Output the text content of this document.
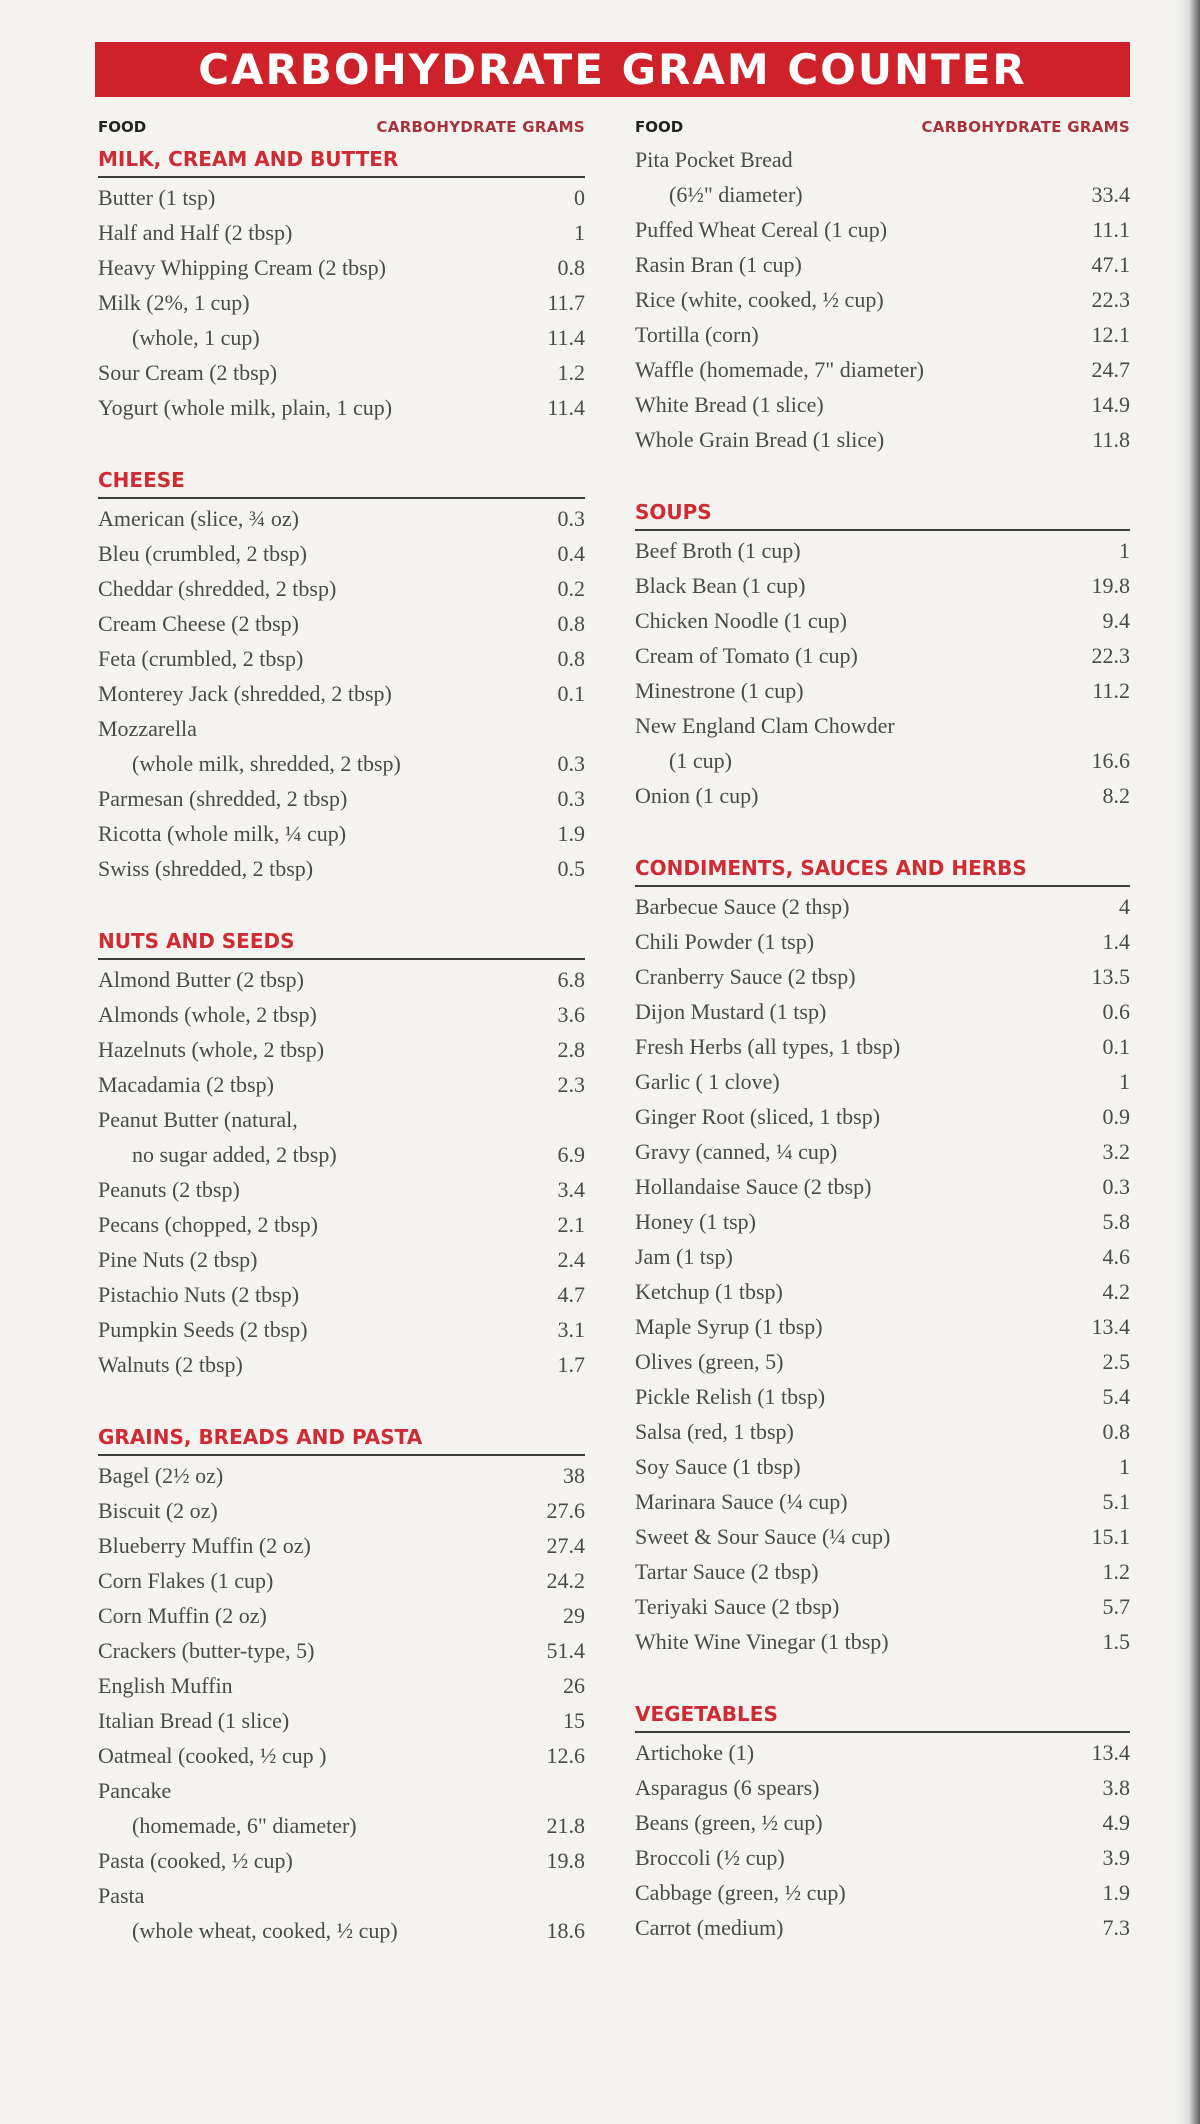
CARBOHYDRATE GRAM COUNTER
FOOD	CARBOHYDRATE GRAMS
MILK, CREAM AND BUTTER
Butter (1 tsp)	0
Half and Half (2 tbsp)	1
Heavy Whipping Cream (2 tbsp)	0.8
Milk (2%, 1 cup)	11.7
(whole, 1 cup)	11.4
Sour Cream (2 tbsp)	1.2
Yogurt (whole milk, plain, 1 cup)	11.4
CHEESE
American (slice, ¾ oz)	0.3
Bleu (crumbled, 2 tbsp)	0.4
Cheddar (shredded, 2 tbsp)	0.2
Cream Cheese (2 tbsp)	0.8
Feta (crumbled, 2 tbsp)	0.8
Monterey Jack (shredded, 2 tbsp)	0.1
Mozzarella
(whole milk, shredded, 2 tbsp)	0.3
Parmesan (shredded, 2 tbsp)	0.3
Ricotta (whole milk, ¼ cup)	1.9
Swiss (shredded, 2 tbsp)	0.5
NUTS AND SEEDS
Almond Butter (2 tbsp)	6.8
Almonds (whole, 2 tbsp)	3.6
Hazelnuts (whole, 2 tbsp)	2.8
Macadamia (2 tbsp)	2.3
Peanut Butter (natural,
no sugar added, 2 tbsp)	6.9
Peanuts (2 tbsp)	3.4
Pecans (chopped, 2 tbsp)	2.1
Pine Nuts (2 tbsp)	2.4
Pistachio Nuts (2 tbsp)	4.7
Pumpkin Seeds (2 tbsp)	3.1
Walnuts (2 tbsp)	1.7
GRAINS, BREADS AND PASTA
Bagel (2½ oz)	38
Biscuit (2 oz)	27.6
Blueberry Muffin (2 oz)	27.4
Corn Flakes (1 cup)	24.2
Corn Muffin (2 oz)	29
Crackers (butter-type, 5)	51.4
English Muffin	26
Italian Bread (1 slice)	15
Oatmeal (cooked, ½ cup )	12.6
Pancake
(homemade, 6" diameter)	21.8
Pasta (cooked, ½ cup)	19.8
Pasta
(whole wheat, cooked, ½ cup)	18.6
FOOD	CARBOHYDRATE GRAMS
Pita Pocket Bread
(6½" diameter)	33.4
Puffed Wheat Cereal (1 cup)	11.1
Rasin Bran (1 cup)	47.1
Rice (white, cooked, ½ cup)	22.3
Tortilla (corn)	12.1
Waffle (homemade, 7" diameter)	24.7
White Bread (1 slice)	14.9
Whole Grain Bread (1 slice)	11.8
SOUPS
Beef Broth (1 cup)	1
Black Bean (1 cup)	19.8
Chicken Noodle (1 cup)	9.4
Cream of Tomato (1 cup)	22.3
Minestrone (1 cup)	11.2
New England Clam Chowder
(1 cup)	16.6
Onion (1 cup)	8.2
CONDIMENTS, SAUCES AND HERBS
Barbecue Sauce (2 thsp)	4
Chili Powder (1 tsp)	1.4
Cranberry Sauce (2 tbsp)	13.5
Dijon Mustard (1 tsp)	0.6
Fresh Herbs (all types, 1 tbsp)	0.1
Garlic ( 1 clove)	1
Ginger Root (sliced, 1 tbsp)	0.9
Gravy (canned, ¼ cup)	3.2
Hollandaise Sauce (2 tbsp)	0.3
Honey (1 tsp)	5.8
Jam (1 tsp)	4.6
Ketchup (1 tbsp)	4.2
Maple Syrup (1 tbsp)	13.4
Olives (green, 5)	2.5
Pickle Relish (1 tbsp)	5.4
Salsa (red, 1 tbsp)	0.8
Soy Sauce (1 tbsp)	1
Marinara Sauce (¼ cup)	5.1
Sweet & Sour Sauce (¼ cup)	15.1
Tartar Sauce (2 tbsp)	1.2
Teriyaki Sauce (2 tbsp)	5.7
White Wine Vinegar (1 tbsp)	1.5
VEGETABLES
Artichoke (1)	13.4
Asparagus (6 spears)	3.8
Beans (green, ½ cup)	4.9
Broccoli (½ cup)	3.9
Cabbage (green, ½ cup)	1.9
Carrot (medium)	7.3
